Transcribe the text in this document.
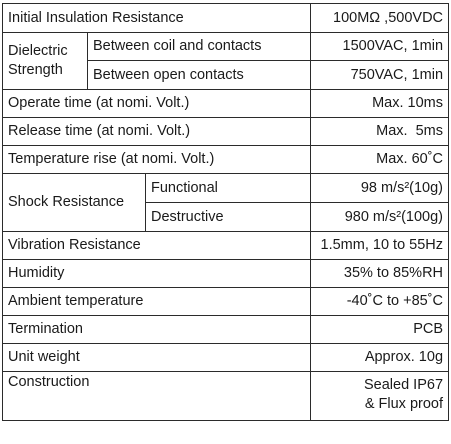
Initial Insulation Resistance			100MΩ ,500VDC
Dielectric
Strength	Between coil and contacts		1500VAC, 1min
	Between open contacts		750VAC, 1min
Operate time (at nomi. Volt.)			Max. 10ms
Release time (at nomi. Volt.)			Max.  5ms
Temperature rise (at nomi. Volt.)			Max. 60˚C
Shock Resistance		Functional	98 m/s²(10g)
		Destructive	980 m/s²(100g)
Vibration Resistance			1.5mm, 10 to 55Hz
Humidity			35% to 85%RH
Ambient temperature			-40˚C to +85˚C
Termination			PCB
Unit weight			Approx. 10g
Construction			Sealed IP67
& Flux proof
